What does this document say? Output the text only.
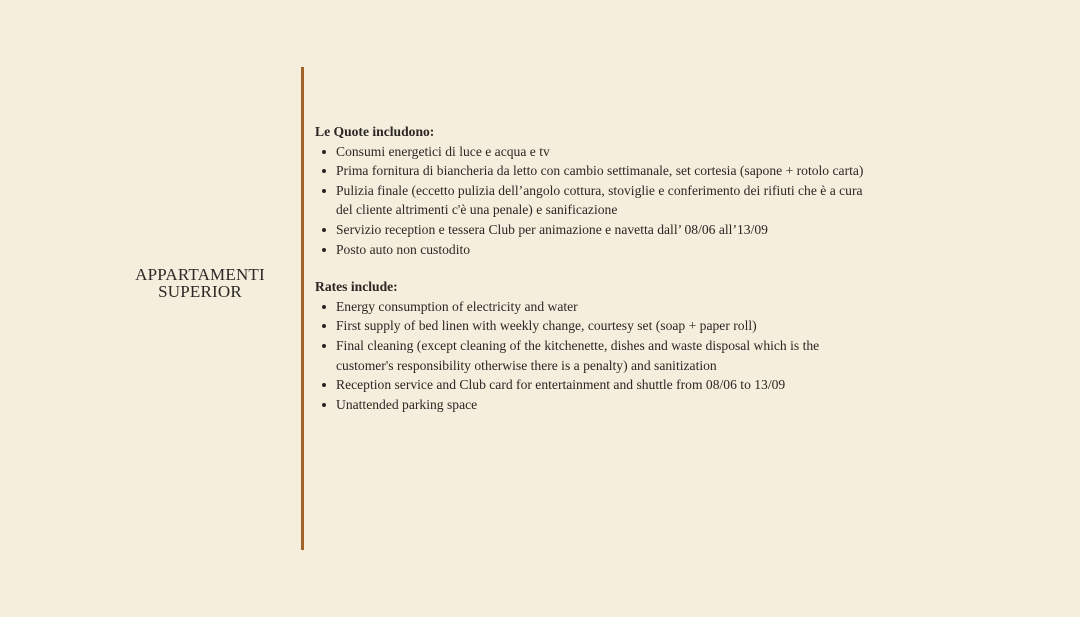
APPARTAMENTI
SUPERIOR

Le Quote includono:

Consumi energetici di luce e acqua e tv
Prima fornitura di biancheria da letto con cambio settimanale, set cortesia (sapone + rotolo carta)
Pulizia finale (eccetto pulizia dell’angolo cottura, stoviglie e conferimento dei rifiuti che è a cura del cliente altrimenti c'è una penale) e sanificazione
Servizio reception e tessera Club per animazione e navetta dall’ 08/06 all’13/09
Posto auto non custodito

Rates include:

Energy consumption of electricity and water
First supply of bed linen with weekly change, courtesy set (soap + paper roll)
Final cleaning (except cleaning of the kitchenette, dishes and waste disposal which is the customer's responsibility otherwise there is a penalty) and sanitization
Reception service and Club card for entertainment and shuttle from 08/06 to 13/09
Unattended parking space
